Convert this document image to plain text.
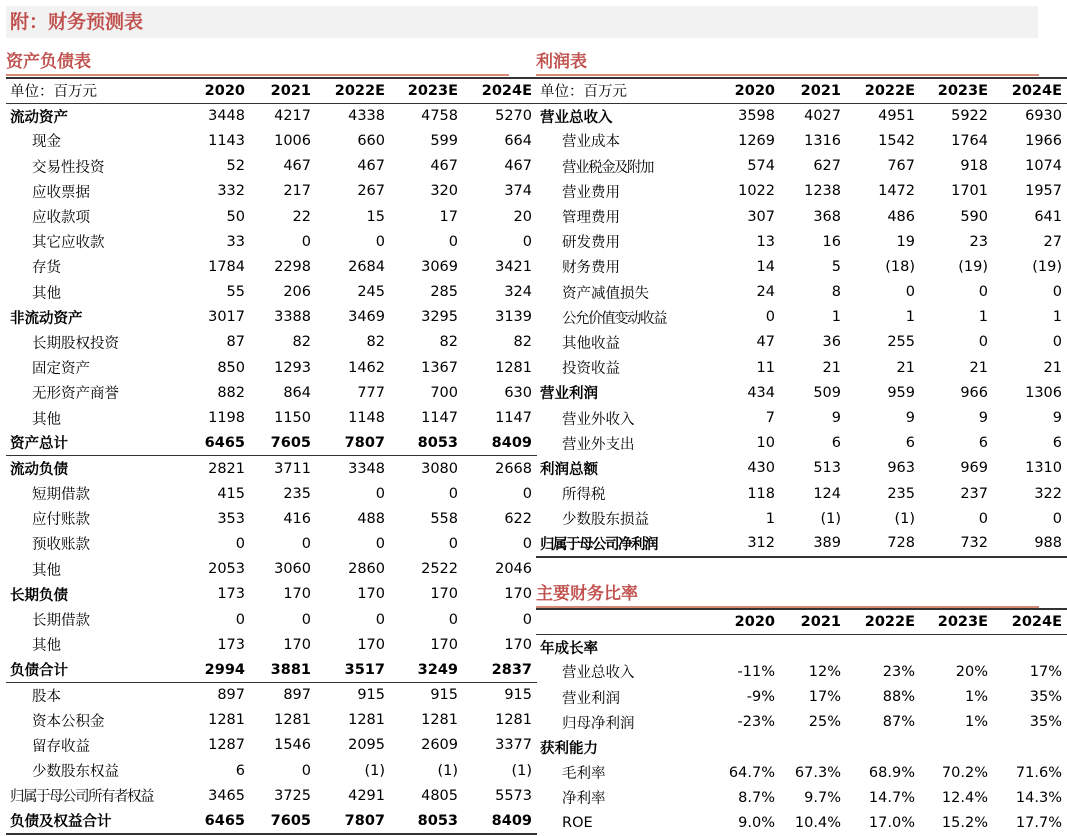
附：财务预测表
资产负债表
单位：百万元	2020	2021	2022E	2023E	2024E
流动资产	3448	4217	4338	4758	5270
现金	1143	1006	660	599	664
交易性投资	52	467	467	467	467
应收票据	332	217	267	320	374
应收款项	50	22	15	17	20
其它应收款	33	0	0	0	0
存货	1784	2298	2684	3069	3421
其他	55	206	245	285	324
非流动资产	3017	3388	3469	3295	3139
长期股权投资	87	82	82	82	82
固定资产	850	1293	1462	1367	1281
无形资产商誉	882	864	777	700	630
其他	1198	1150	1148	1147	1147
资产总计	6465	7605	7807	8053	8409
流动负债	2821	3711	3348	3080	2668
短期借款	415	235	0	0	0
应付账款	353	416	488	558	622
预收账款	0	0	0	0	0
其他	2053	3060	2860	2522	2046
长期负债	173	170	170	170	170
长期借款	0	0	0	0	0
其他	173	170	170	170	170
负债合计	2994	3881	3517	3249	2837
股本	897	897	915	915	915
资本公积金	1281	1281	1281	1281	1281
留存收益	1287	1546	2095	2609	3377
少数股东权益	6	0	(1)	(1)	(1)
归属于母公司所有者权益	3465	3725	4291	4805	5573
负债及权益合计	6465	7605	7807	8053	8409
利润表
单位：百万元	2020	2021	2022E	2023E	2024E
营业总收入	3598	4027	4951	5922	6930
营业成本	1269	1316	1542	1764	1966
营业税金及附加	574	627	767	918	1074
营业费用	1022	1238	1472	1701	1957
管理费用	307	368	486	590	641
研发费用	13	16	19	23	27
财务费用	14	5	(18)	(19)	(19)
资产减值损失	24	8	0	0	0
公允价值变动收益	0	1	1	1	1
其他收益	47	36	255	0	0
投资收益	11	21	21	21	21
营业利润	434	509	959	966	1306
营业外收入	7	9	9	9	9
营业外支出	10	6	6	6	6
利润总额	430	513	963	969	1310
所得税	118	124	235	237	322
少数股东损益	1	(1)	(1)	0	0
归属于母公司净利润	312	389	728	732	988
主要财务比率
	2020	2021	2022E	2023E	2024E
年成长率					
营业总收入	-11%	12%	23%	20%	17%
营业利润	-9%	17%	88%	1%	35%
归母净利润	-23%	25%	87%	1%	35%
获利能力					
毛利率	64.7%	67.3%	68.9%	70.2%	71.6%
净利率	8.7%	9.7%	14.7%	12.4%	14.3%
ROE	9.0%	10.4%	17.0%	15.2%	17.7%
